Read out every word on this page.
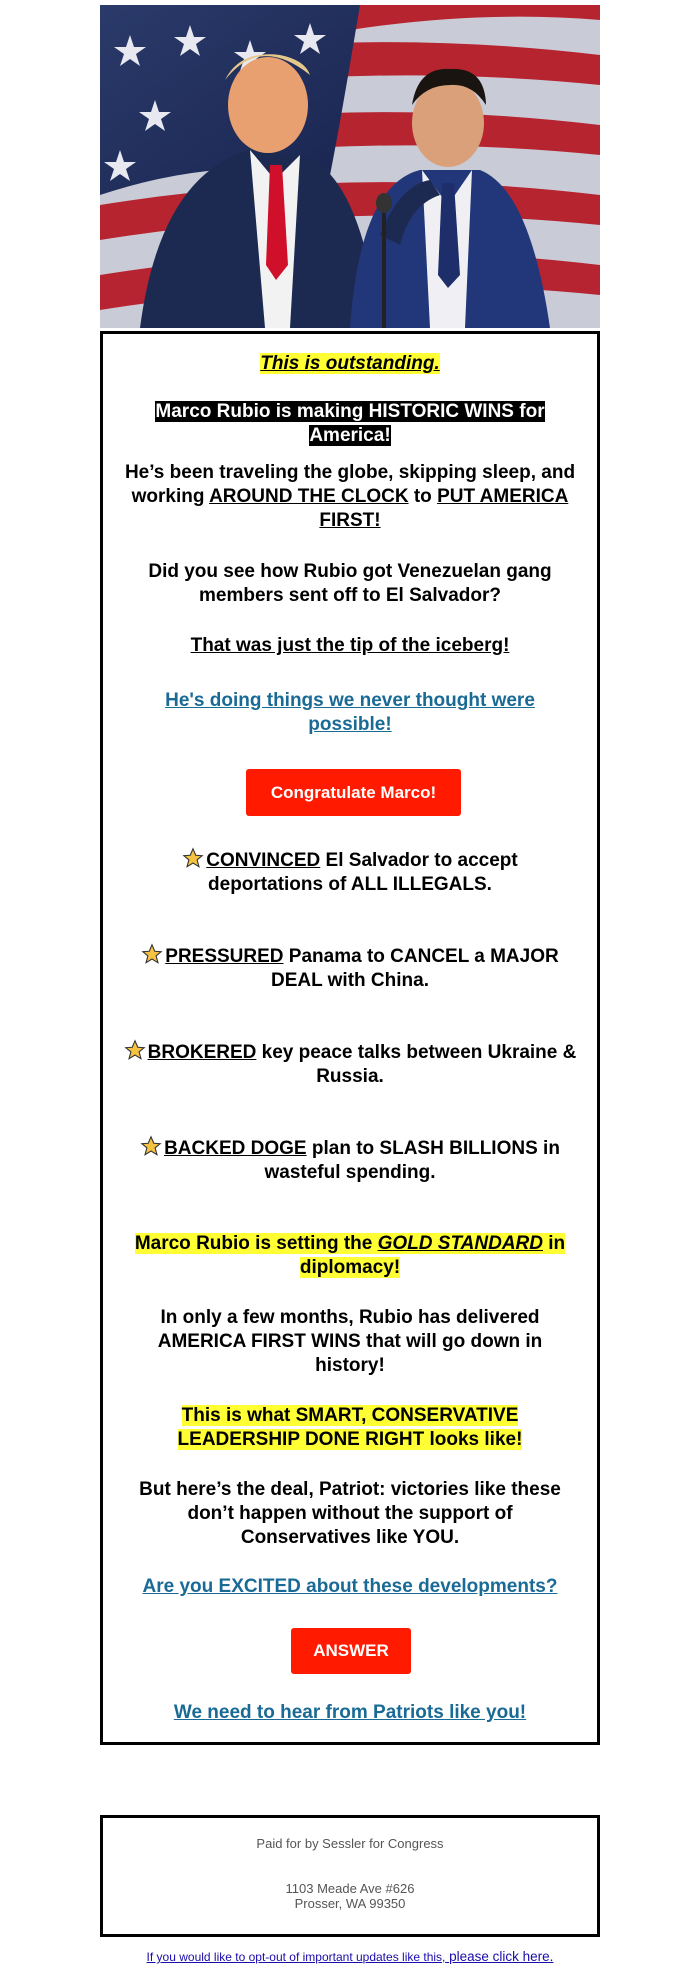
This is outstanding.
Marco Rubio is making HISTORIC WINS for America!
He’s been traveling the globe, skipping sleep, and working AROUND THE CLOCK to PUT AMERICA FIRST!
Did you see how Rubio got Venezuelan gang members sent off to El Salvador?
That was just the tip of the iceberg!
He's doing things we never thought were possible!
Congratulate Marco!
CONVINCED El Salvador to accept deportations of ALL ILLEGALS.
PRESSURED Panama to CANCEL a MAJOR DEAL with China.
BROKERED key peace talks between Ukraine & Russia.
BACKED DOGE plan to SLASH BILLIONS in wasteful spending.
Marco Rubio is setting the GOLD STANDARD in diplomacy!
In only a few months, Rubio has delivered AMERICA FIRST WINS that will go down in history!
This is what SMART, CONSERVATIVE LEADERSHIP DONE RIGHT looks like!
But here’s the deal, Patriot: victories like these don’t happen without the support of Conservatives like YOU.
Are you EXCITED about these developments?
ANSWER
We need to hear from Patriots like you!
Paid for by Sessler for Congress
1103 Meade Ave #626
Prosser, WA 99350
If you would like to opt-out of important updates like this, please click here.
